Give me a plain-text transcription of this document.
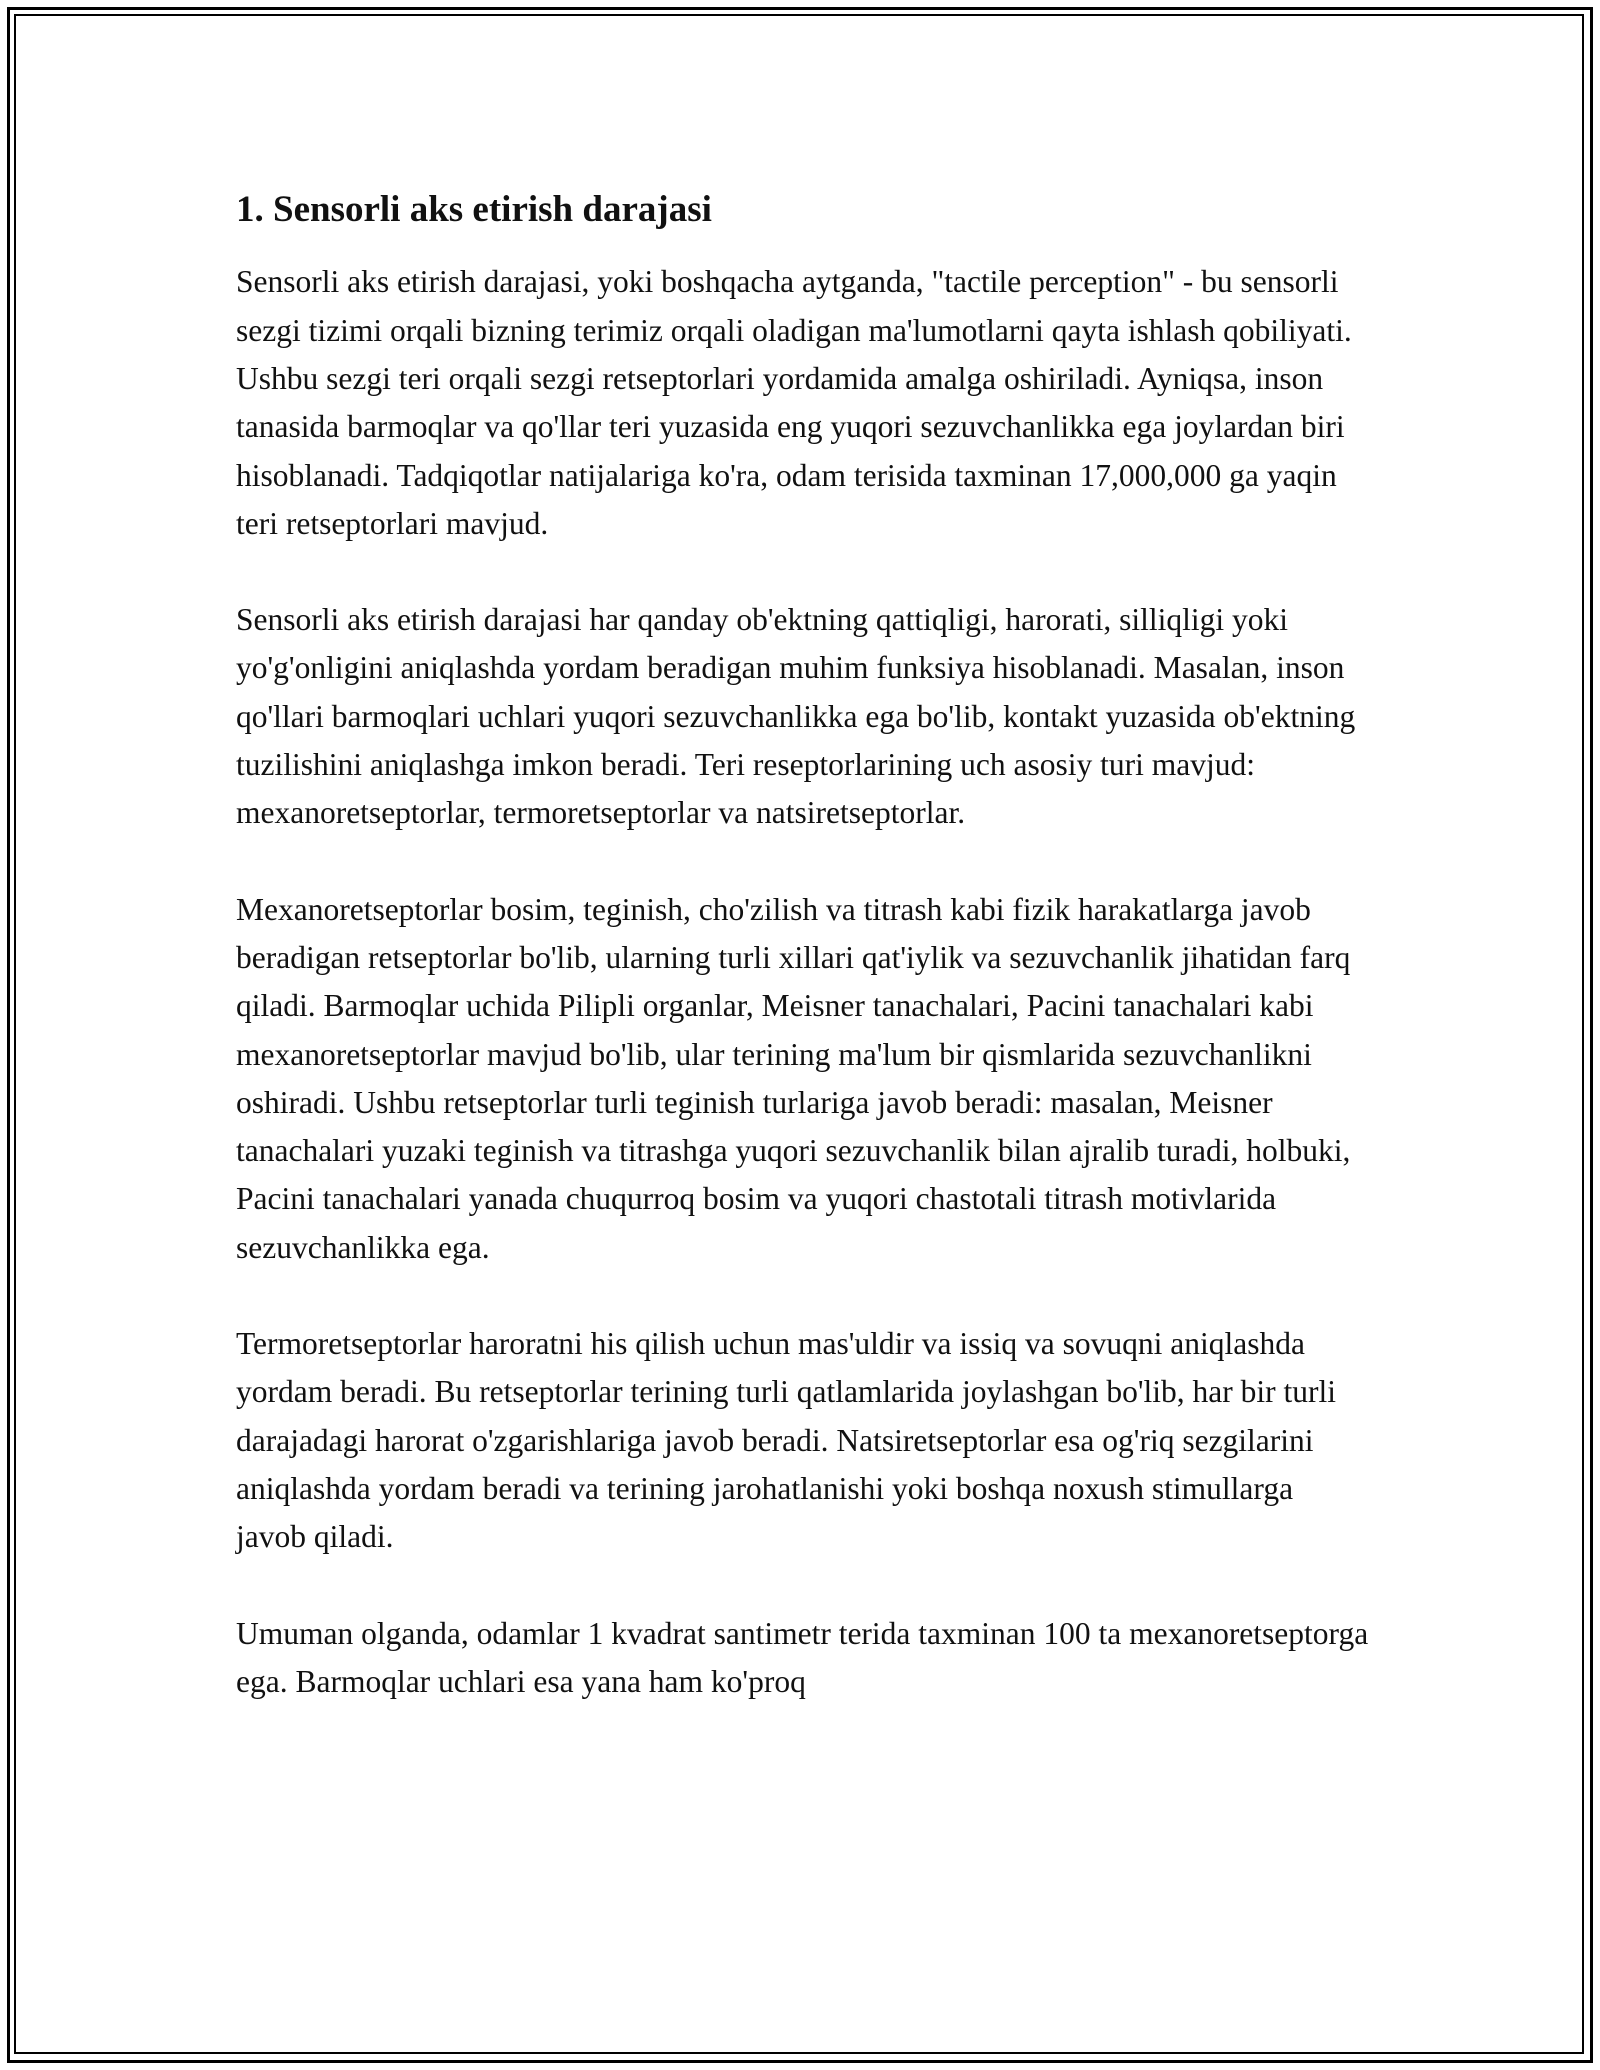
1. Sensorli aks etirish darajasi

Sensorli aks etirish darajasi, yoki boshqacha aytganda, "tactile perception" - bu sensorli sezgi tizimi orqali bizning terimiz orqali oladigan ma'lumotlarni qayta ishlash qobiliyati. Ushbu sezgi teri orqali sezgi retseptorlari yordamida amalga oshiriladi. Ayniqsa, inson tanasida barmoqlar va qo'llar teri yuzasida eng yuqori sezuvchanlikka ega joylardan biri hisoblanadi. Tadqiqotlar natijalariga ko'ra, odam terisida taxminan 17,000,000 ga yaqin teri retseptorlari mavjud.

Sensorli aks etirish darajasi har qanday ob'ektning qattiqligi, harorati, silliqligi yoki yo'g'onligini aniqlashda yordam beradigan muhim funksiya hisoblanadi. Masalan, inson qo'llari barmoqlari uchlari yuqori sezuvchanlikka ega bo'lib, kontakt yuzasida ob'ektning tuzilishini aniqlashga imkon beradi. Teri reseptorlarining uch asosiy turi mavjud: mexanoretseptorlar, termoretseptorlar va natsiretseptorlar.

Mexanoretseptorlar bosim, teginish, cho'zilish va titrash kabi fizik harakatlarga javob beradigan retseptorlar bo'lib, ularning turli xillari qat'iylik va sezuvchanlik jihatidan farq qiladi. Barmoqlar uchida Pilipli organlar, Meisner tanachalari, Pacini tanachalari kabi mexanoretseptorlar mavjud bo'lib, ular terining ma'lum bir qismlarida sezuvchanlikni oshiradi. Ushbu retseptorlar turli teginish turlariga javob beradi: masalan, Meisner tanachalari yuzaki teginish va titrashga yuqori sezuvchanlik bilan ajralib turadi, holbuki, Pacini tanachalari yanada chuqurroq bosim va yuqori chastotali titrash motivlarida sezuvchanlikka ega.

Termoretseptorlar haroratni his qilish uchun mas'uldir va issiq va sovuqni aniqlashda yordam beradi. Bu retseptorlar terining turli qatlamlarida joylashgan bo'lib, har bir turli darajadagi harorat o'zgarishlariga javob beradi. Natsiretseptorlar esa og'riq sezgilarini aniqlashda yordam beradi va terining jarohatlanishi yoki boshqa noxush stimullarga javob qiladi.

Umuman olganda, odamlar 1 kvadrat santimetr terida taxminan 100 ta mexanoretseptorga ega. Barmoqlar uchlari esa yana ham ko'proq
